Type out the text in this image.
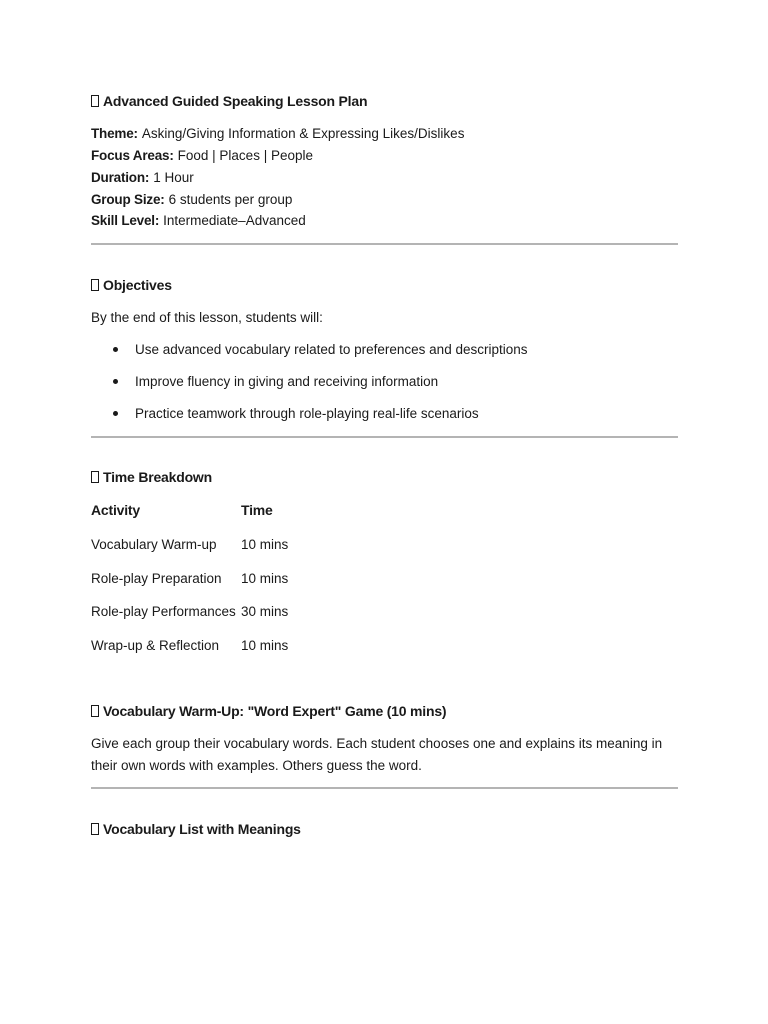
Advanced Guided Speaking Lesson Plan
Theme: Asking/Giving Information & Expressing Likes/Dislikes
Focus Areas: Food | Places | People
Duration: 1 Hour
Group Size: 6 students per group
Skill Level: Intermediate–Advanced
Objectives
By the end of this lesson, students will:
Use advanced vocabulary related to preferences and descriptions
Improve fluency in giving and receiving information
Practice teamwork through role-playing real-life scenarios
Time Breakdown
Activity	Time
Vocabulary Warm-up 10 mins
Role-play Preparation 10 mins
Role-play Performances 30 mins
Wrap-up & Reflection 10 mins
Vocabulary Warm-Up: "Word Expert" Game (10 mins)
Give each group their vocabulary words. Each student chooses one and explains its meaning in their own words with examples. Others guess the word.
Vocabulary List with Meanings
